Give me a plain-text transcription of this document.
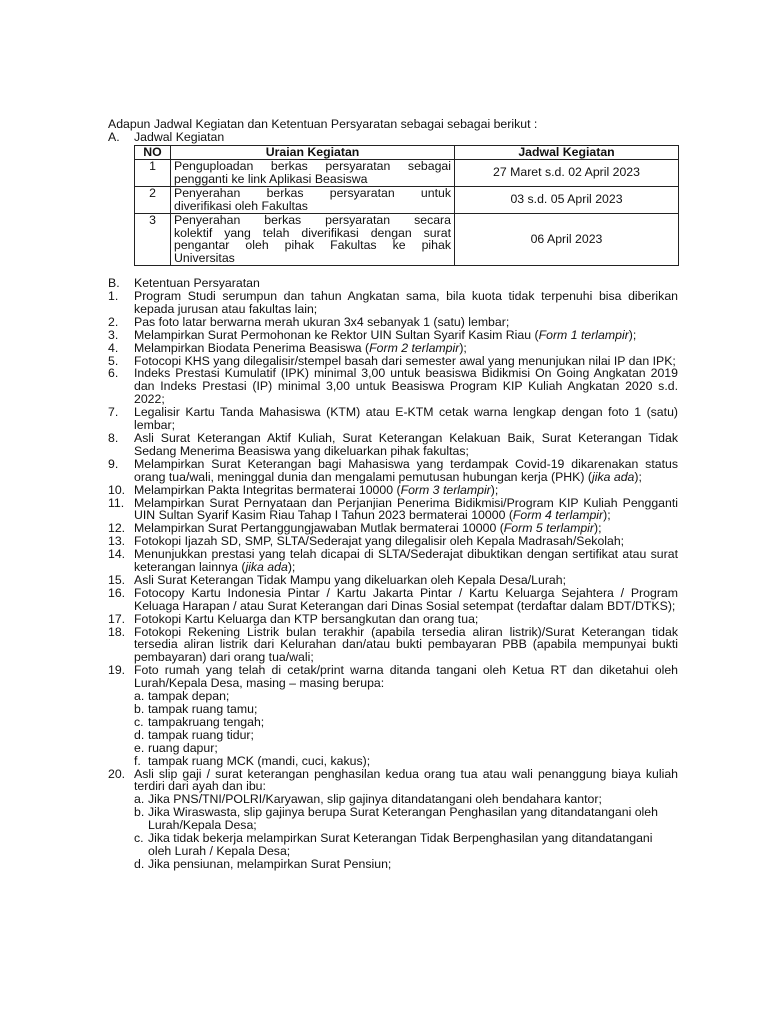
Adapun Jadwal Kegiatan dan Ketentuan Persyaratan sebagai sebagai berikut :
A.	Jadwal Kegiatan
NO	Uraian Kegiatan	Jadwal Kegiatan
1	Penguploadan berkas persyaratan sebagai
pengganti ke link Aplikasi Beasiswa	27 Maret s.d. 02 April 2023
2	Penyerahan berkas persyaratan untuk
diverifikasi oleh Fakultas	03 s.d. 05 April 2023
3	Penyerahan berkas persyaratan secara
kolektif yang telah diverifikasi dengan surat
pengantar oleh pihak Fakultas ke pihak
Universitas	06 April 2023
B.	Ketentuan Persyaratan
1.	Program Studi serumpun dan tahun Angkatan sama, bila kuota tidak terpenuhi bisa diberikan kepada jurusan atau fakultas lain;
2.	Pas foto latar berwarna merah ukuran 3x4 sebanyak 1 (satu) lembar;
3.	Melampirkan Surat Permohonan ke Rektor UIN Sultan Syarif Kasim Riau (Form 1 terlampir);
4.	Melampirkan Biodata Penerima Beasiswa (Form 2 terlampir);
5.	Fotocopi KHS yang dilegalisir/stempel basah dari semester awal yang menunjukan nilai IP dan IPK;
6.	Indeks Prestasi Kumulatif (IPK) minimal 3,00 untuk beasiswa Bidikmisi On Going Angkatan 2019 dan Indeks Prestasi (IP) minimal 3,00 untuk Beasiswa Program KIP Kuliah Angkatan 2020 s.d. 2022;
7.	Legalisir Kartu Tanda Mahasiswa (KTM) atau E-KTM cetak warna lengkap dengan foto 1 (satu) lembar;
8.	Asli Surat Keterangan Aktif Kuliah, Surat Keterangan Kelakuan Baik, Surat Keterangan Tidak Sedang Menerima Beasiswa yang dikeluarkan pihak fakultas;
9.	Melampirkan Surat Keterangan bagi Mahasiswa yang terdampak Covid-19 dikarenakan status orang tua/wali, meninggal dunia dan mengalami pemutusan hubungan kerja (PHK) (jika ada);
10. Melampirkan Pakta Integritas bermaterai 10000 (Form 3 terlampir);
11. Melampirkan Surat Pernyataan dan Perjanjian Penerima Bidikmisi/Program KIP Kuliah Pengganti UIN Sultan Syarif Kasim Riau Tahap I Tahun 2023 bermaterai 10000 (Form 4 terlampir);
12. Melampirkan Surat Pertanggungjawaban Mutlak bermaterai 10000 (Form 5 terlampir);
13. Fotokopi Ijazah SD, SMP, SLTA/Sederajat yang dilegalisir oleh Kepala Madrasah/Sekolah;
14. Menunjukkan prestasi yang telah dicapai di SLTA/Sederajat dibuktikan dengan sertifikat atau surat keterangan lainnya (jika ada);
15. Asli Surat Keterangan Tidak Mampu yang dikeluarkan oleh Kepala Desa/Lurah;
16. Fotocopy Kartu Indonesia Pintar / Kartu Jakarta Pintar / Kartu Keluarga Sejahtera / Program Keluaga Harapan / atau Surat Keterangan dari Dinas Sosial setempat (terdaftar dalam BDT/DTKS);
17. Fotokopi Kartu Keluarga dan KTP bersangkutan dan orang tua;
18. Fotokopi Rekening Listrik bulan terakhir (apabila tersedia aliran listrik)/Surat Keterangan tidak tersedia aliran listrik dari Kelurahan dan/atau bukti pembayaran PBB (apabila mempunyai bukti pembayaran) dari orang tua/wali;
19. Foto rumah yang telah di cetak/print warna ditanda tangani oleh Ketua RT dan diketahui oleh Lurah/Kepala Desa, masing – masing berupa:
a. tampak depan;
b. tampak ruang tamu;
c. tampakruang tengah;
d. tampak ruang tidur;
e. ruang dapur;
f. tampak ruang MCK (mandi, cuci, kakus);
20. Asli slip gaji / surat keterangan penghasilan kedua orang tua atau wali penanggung biaya kuliah terdiri dari ayah dan ibu:
a. Jika PNS/TNI/POLRI/Karyawan, slip gajinya ditandatangani oleh bendahara kantor;
b. Jika Wiraswasta, slip gajinya berupa Surat Keterangan Penghasilan yang ditandatangani oleh Lurah/Kepala Desa;
c. Jika tidak bekerja melampirkan Surat Keterangan Tidak Berpenghasilan yang ditandatangani oleh Lurah / Kepala Desa;
d. Jika pensiunan, melampirkan Surat Pensiun;
